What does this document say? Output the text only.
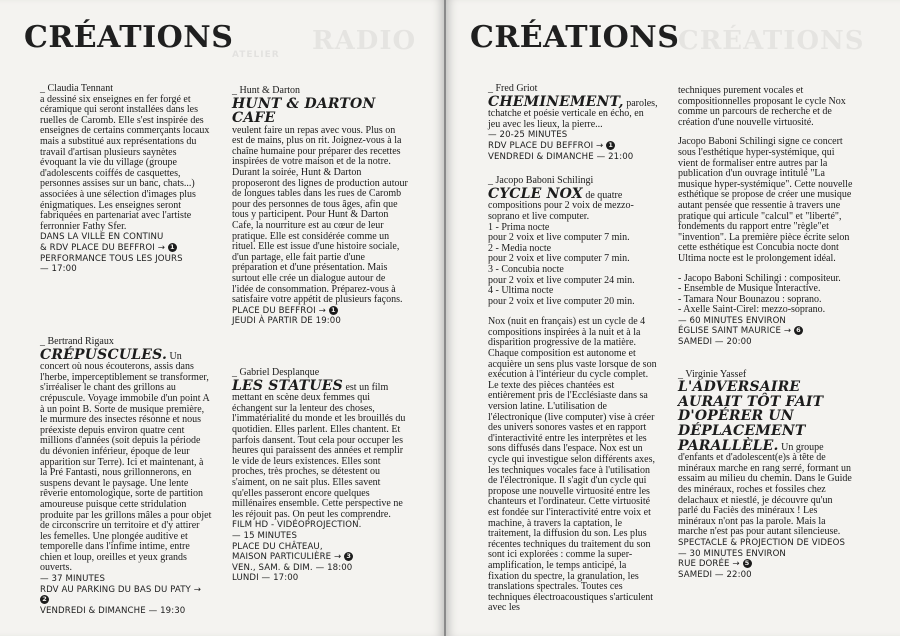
RADIO
ATELIER
CRÉATIONS

_ Claudia Tennant

a dessiné six enseignes en fer forgé et céramique qui seront installées dans les ruelles de Caromb. Elle s'est inspirée des enseignes de certains commerçants locaux mais a substitué aux représentations du travail d'artisan plusieurs saynètes évoquant la vie du village (groupe d'adolescents coiffés de casquettes, personnes assises sur un banc, chats...) associées à une sélection d'images plus énigmatiques. Les enseignes seront fabriquées en partenariat avec l'artiste ferronnier Fathy Sfer.

DANS LA VILLE EN CONTINU
& RDV PLACE DU BEFFROI → 1
PERFORMANCE TOUS LES JOURS
— 17:00

_ Bertrand Rigaux

CRÉPUSCULES. Un concert où nous écouterons, assis dans l'herbe, imperceptiblement se transformer, s'irréaliser le chant des grillons au crépuscule. Voyage immobile d'un point A à un point B. Sorte de musique première, le murmure des insectes résonne et nous préexiste depuis environ quatre cent millions d'années (soit depuis la période du dévonien inférieur, époque de leur apparition sur Terre). Ici et maintenant, à la Pré Fantasti, nous grillonnerons, en suspens devant le paysage. Une lente rêverie entomologique, sorte de partition amoureuse puisque cette stridulation produite par les grillons mâles a pour objet de circonscrire un territoire et d'y attirer les femelles. Une plongée auditive et temporelle dans l'infime intime, entre chien et loup, oreilles et yeux grands ouverts.

— 37 MINUTES
RDV AU PARKING DU BAS DU PATY → 2
VENDREDI & DIMANCHE — 19:30

_ Hunt & Darton

HUNT & DARTON CAFE

veulent faire un repas avec vous. Plus on est de mains, plus on rit. Joignez-vous à la chaîne humaine pour préparer des recettes inspirées de votre maison et de la notre. Durant la soirée, Hunt & Darton proposeront des lignes de production autour de longues tables dans les rues de Caromb pour des personnes de tous âges, afin que tous y participent. Pour Hunt & Darton Cafe, la nourriture est au cœur de leur pratique. Elle est considérée comme un rituel. Elle est issue d'une histoire sociale, d'un partage, elle fait partie d'une préparation et d'une présentation. Mais surtout elle crée un dialogue autour de l'idée de consommation. Préparez-vous à satisfaire votre appétit de plusieurs façons.

PLACE DU BEFFROI → 1
JEUDI À PARTIR DE 19:00

_ Gabriel Desplanque

LES STATUES est un film mettant en scène deux femmes qui échangent sur la lenteur des choses, l'immatérialité du monde et les brouillés du quotidien. Elles parlent. Elles chantent. Et parfois dansent. Tout cela pour occuper les heures qui paraissent des années et remplir le vide de leurs existences. Elles sont proches, très proches, se détestent ou s'aiment, on ne sait plus. Elles savent qu'elles passeront encore quelques millénaires ensemble. Cette perspective ne les réjouit pas. On peut les comprendre.

FILM HD - VIDÉOPROJECTION.
— 15 MINUTES
PLACE DU CHÂTEAU,
MAISON PARTICULIÈRE → 3
VEN., SAM. & DIM. — 18:00
LUNDI — 17:00
CRÉATIONS
CRÉATIONS

_ Fred Griot

CHEMINEMENT, paroles, tchatche et poésie verticale en écho, en jeu avec les lieux, la pierre...

— 20-25 MINUTES
RDV PLACE DU BEFFROI → 1
VENDREDI & DIMANCHE — 21:00

_ Jacopo Baboni Schilingi

CYCLE NOX de quatre compositions pour 2 voix de mezzo-soprano et live computer.

1 - Prima nocte
pour 2 voix et live computer 7 min.
2 - Media nocte
pour 2 voix et live computer 7 min.
3 - Concubia nocte
pour 2 voix et live computer 24 min.
4 - Ultima nocte
pour 2 voix et live computer 20 min.

Nox (nuit en français) est un cycle de 4 compositions inspirées à la nuit et à la disparition progressive de la matière. Chaque composition est autonome et acquière un sens plus vaste lorsque de son exécution à l'intérieur du cycle complet. Le texte des pièces chantées est entièrement pris de l'Ecclésiaste dans sa version latine. L'utilisation de l'électronique (live computer) vise à créer des univers sonores vastes et en rapport d'interactivité entre les interprètes et les sons diffusés dans l'espace. Nox est un cycle qui investigue selon différents axes, les techniques vocales face à l'utilisation de l'électronique. Il s'agit d'un cycle qui propose une nouvelle virtuosité entre les chanteurs et l'ordinateur. Cette virtuosité est fondée sur l'interactivité entre voix et machine, à travers la captation, le traitement, la diffusion du son. Les plus récentes techniques du traitement du son sont ici explorées : comme la super-amplification, le temps anticipé, la fixation du spectre, la granulation, les translations spectrales. Toutes ces techniques électroacoustiques s'articulent avec les

techniques purement vocales et compositionnelles proposant le cycle Nox comme un parcours de recherche et de création d'une nouvelle virtuosité.

Jacopo Baboni Schilingi signe ce concert sous l'esthétique hyper-systémique, qui vient de formaliser entre autres par la publication d'un ouvrage intitulé "La musique hyper-systémique". Cette nouvelle esthétique se propose de créer une musique autant pensée que ressentie à travers une pratique qui articule "calcul" et "liberté", fondements du rapport entre "règle"et "invention". La première pièce écrite selon cette esthétique est Concubia nocte dont Ultima nocte est le prolongement idéal.

- Jacopo Baboni Schilingi : compositeur.
- Ensemble de Musique Interactive.
- Tamara Nour Bounazou : soprano.
- Axelle Saint-Cirel: mezzo-soprano.
— 60 MINUTES ENVIRON
ÉGLISE SAINT MAURICE → 6
SAMEDI — 20:00

_ Virginie Yassef

L'ADVERSAIRE AURAIT TÔT FAIT D'OPÉRER UN DÉPLACEMENT PARALLÈLE. Un groupe d'enfants et d'adolescent(e)s à tête de minéraux marche en rang serré, formant un essaim au milieu du chemin. Dans le Guide des minéraux, roches et fossiles chez delachaux et niestlé, je découvre qu'un parlé du Faciès des minéraux ! Les minéraux n'ont pas la parole. Mais la marche n'est pas pour autant silencieuse.

SPECTACLE & PROJECTION DE VIDEOS
— 30 MINUTES ENVIRON
RUE DORÉE → 5
SAMEDI — 22:00
